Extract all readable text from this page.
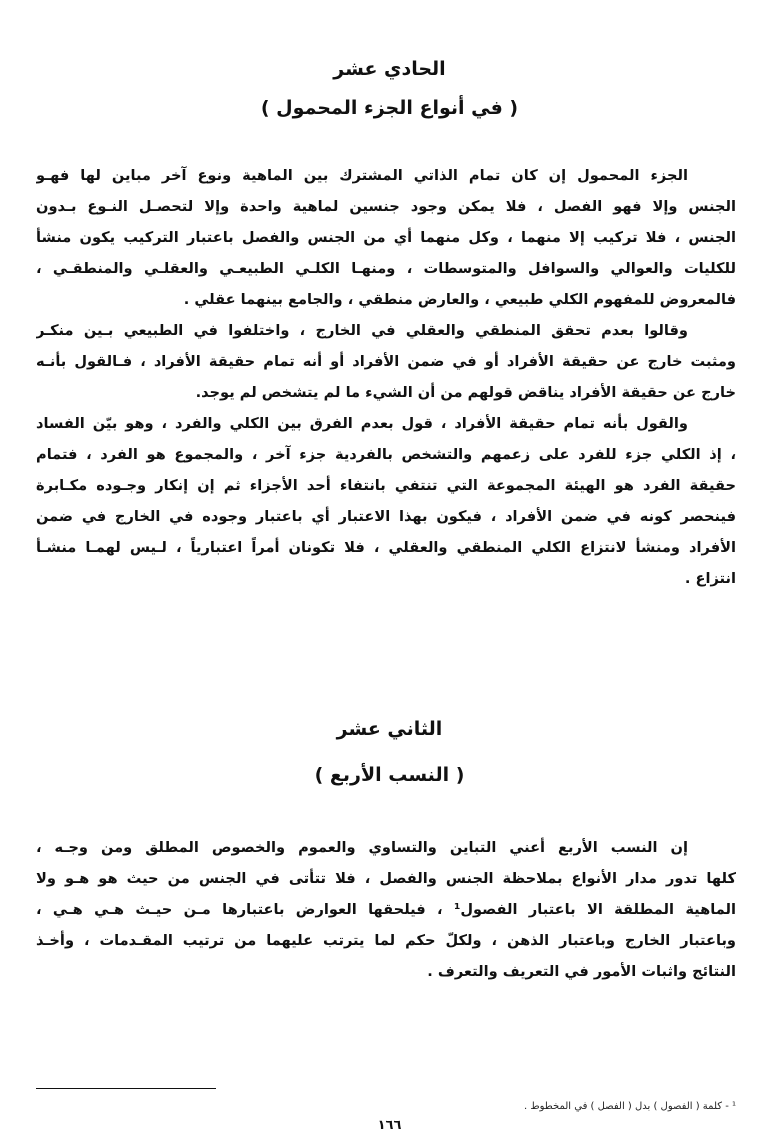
الحادي عشر
( في أنواع الجزء المحمول )
الجزء المحمول إن كان تمام الذاتي المشترك بين الماهية ونوع آخر مباين لها فهـو
الجنس وإلا فهو الفصل ، فلا يمكن وجود جنسين لماهية واحدة وإلا لتحصـل النـوع بـدون
الجنس ، فلا تركيب إلا منهما ، وكل منهما أي من الجنس والفصل باعتبار التركيب يكون منشأ
للكليات والعوالي والسوافل والمتوسطات ، ومنهـا الكلـي الطبيعـي والعقلـي والمنطقـي ،
فالمعروض للمفهوم الكلي طبيعي ، والعارض منطقي ، والجامع بينهما عقلي .
وقالوا بعدم تحقق المنطقي والعقلي في الخارج ، واختلفوا في الطبيعي بـين منكـر
ومثبت خارج عن حقيقة الأفراد أو في ضمن الأفراد أو أنه تمام حقيقة الأفراد ، فـالقول بأنـه
خارج عن حقيقة الأفراد يناقض قولهم من أن الشيء ما لم يتشخص لم يوجد.
والقول بأنه تمام حقيقة الأفراد ، قول بعدم الفرق بين الكلي والفرد ، وهو بيّن الفساد
، إذ الكلي جزء للفرد على زعمهم والتشخص بالفردية جزء آخر ، والمجموع هو الفرد ، فتمام
حقيقة الفرد هو الهيئة المجموعة التي تنتفي بانتفاء أحد الأجزاء ثم إن إنكار وجـوده مكـابرة
فينحصر كونه في ضمن الأفراد ، فيكون بهذا الاعتبار أي باعتبار وجوده في الخارج في ضمن
الأفراد ومنشأ لانتزاع الكلي المنطقي والعقلي ، فلا تكونان أمراً اعتبارياً ، لـيس لهمـا منشـأ
انتزاع .
الثاني عشر
( النسب الأربع )
إن النسب الأربع أعني التباين والتساوي والعموم والخصوص المطلق ومن وجـه ،
كلها تدور مدار الأنواع بملاحظة الجنس والفصل ، فلا تتأتى في الجنس من حيث هو هـو ولا
الماهية المطلقة الا باعتبار الفصول¹ ، فيلحقها العوارض باعتبارها مـن حيـث هـي هـي ،
وباعتبار الخارج وباعتبار الذهن ، ولكلّ حكم لما يترتب عليهما من ترتيب المقـدمات ، وأخـذ
النتائج واثبات الأمور في التعريف والتعرف .
¹ - كلمة ( الفصول ) بدل ( الفصل ) في المخطوط .
١٦٦
